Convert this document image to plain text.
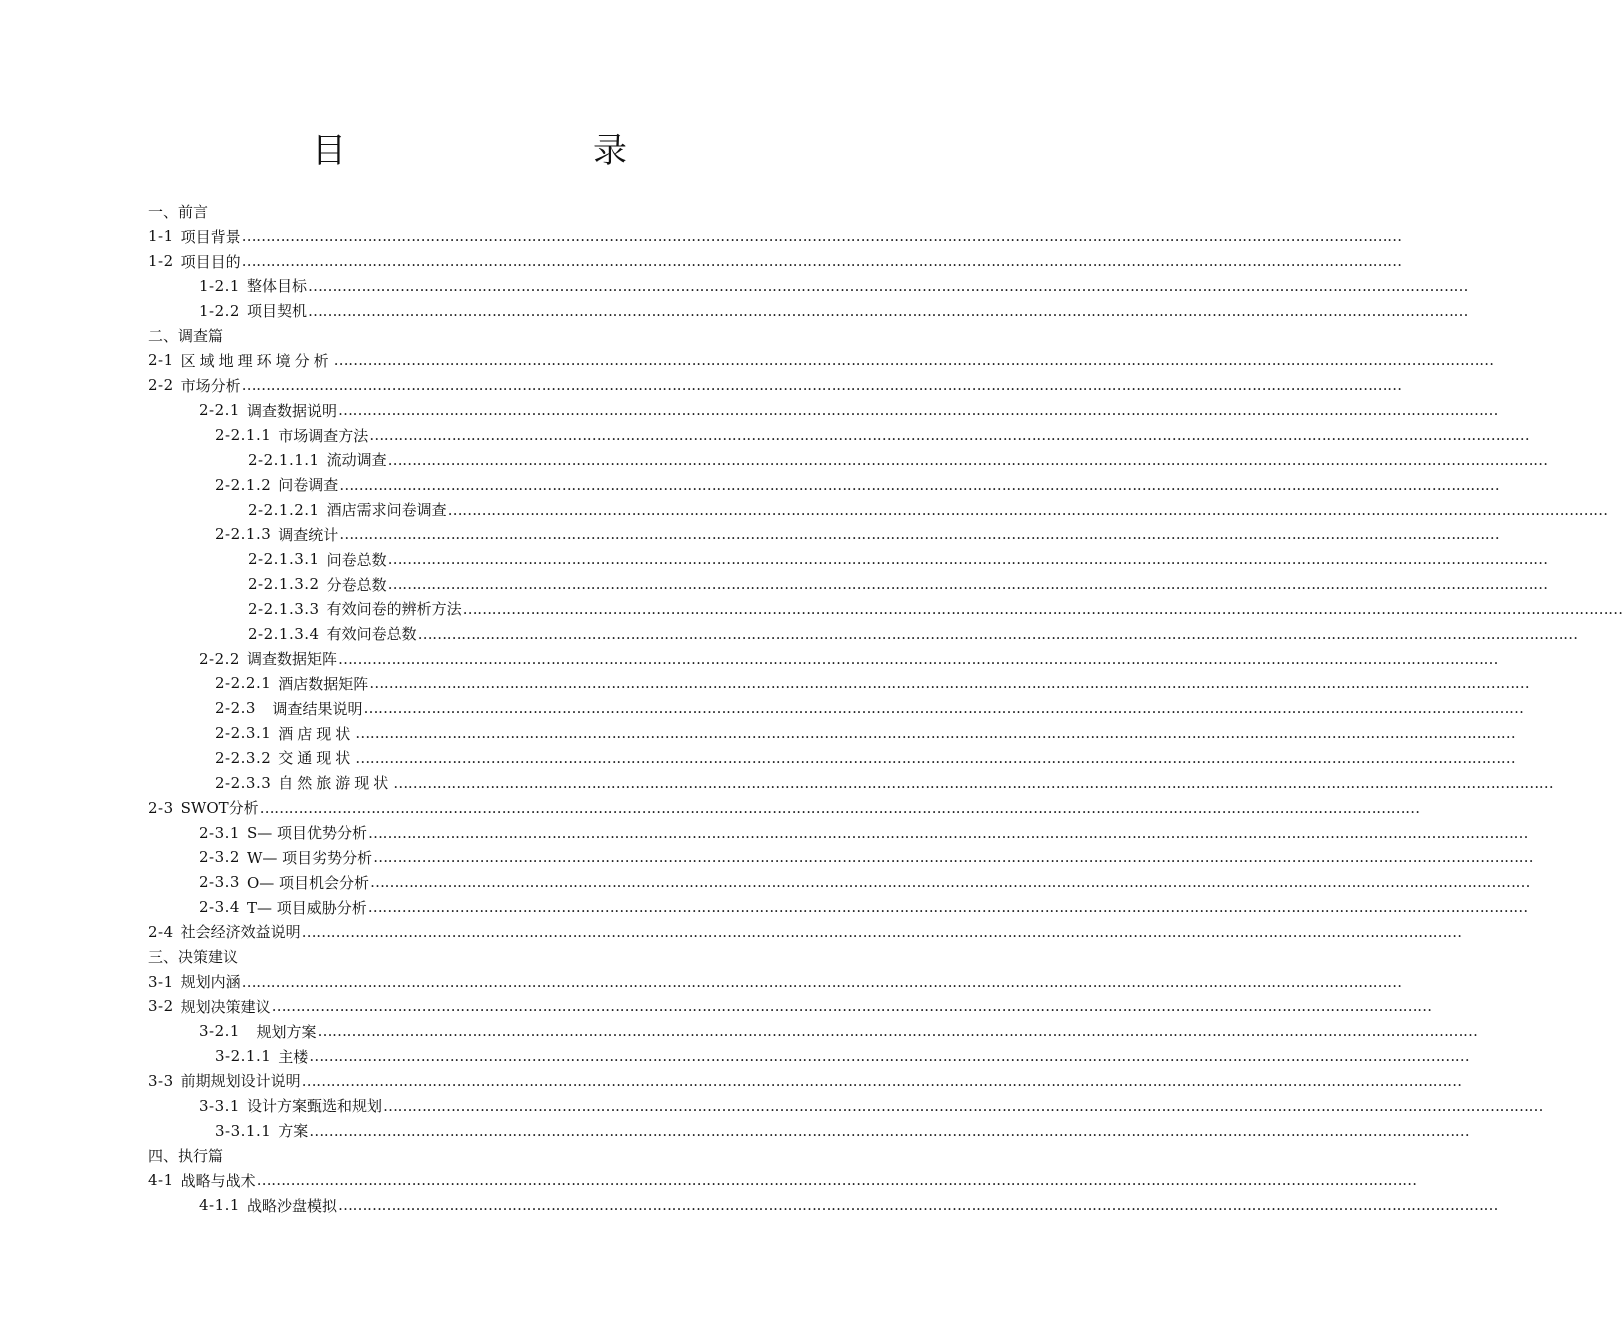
目	录
一、前言
1-1 项目背景 ……………………………………………………………………………………………………………………………………………………………………………………………………………………
1-2 项目目的 ……………………………………………………………………………………………………………………………………………………………………………………………………………………
1-2.1 整体目标 ……………………………………………………………………………………………………………………………………………………………………………………………………………………
1-2.2 项目契机 ……………………………………………………………………………………………………………………………………………………………………………………………………………………
二、调查篇
2-1 区域地理环境分析 ……………………………………………………………………………………………………………………………………………………………………………………………………………………
2-2 市场分析 ……………………………………………………………………………………………………………………………………………………………………………………………………………………
2-2.1 调查数据说明 ……………………………………………………………………………………………………………………………………………………………………………………………………………………
2-2.1.1 市场调查方法 ……………………………………………………………………………………………………………………………………………………………………………………………………………………
2-2.1.1.1 流动调查 ……………………………………………………………………………………………………………………………………………………………………………………………………………………
2-2.1.2 问卷调查 ……………………………………………………………………………………………………………………………………………………………………………………………………………………
2-2.1.2.1 酒店需求问卷调查 ……………………………………………………………………………………………………………………………………………………………………………………………………………………
2-2.1.3 调查统计 ……………………………………………………………………………………………………………………………………………………………………………………………………………………
2-2.1.3.1 问卷总数 ……………………………………………………………………………………………………………………………………………………………………………………………………………………
2-2.1.3.2 分卷总数 ……………………………………………………………………………………………………………………………………………………………………………………………………………………
2-2.1.3.3 有效问卷的辨析方法 ……………………………………………………………………………………………………………………………………………………………………………………………………………………
2-2.1.3.4 有效问卷总数 ……………………………………………………………………………………………………………………………………………………………………………………………………………………
2-2.2 调查数据矩阵 ……………………………………………………………………………………………………………………………………………………………………………………………………………………
2-2.2.1 酒店数据矩阵 ……………………………………………………………………………………………………………………………………………………………………………………………………………………
2-2.3 调查结果说明 ……………………………………………………………………………………………………………………………………………………………………………………………………………………
2-2.3.1 酒店现状 ……………………………………………………………………………………………………………………………………………………………………………………………………………………
2-2.3.2 交通现状 ……………………………………………………………………………………………………………………………………………………………………………………………………………………
2-2.3.3 自然旅游现状 ……………………………………………………………………………………………………………………………………………………………………………………………………………………
2-3 SWOT分析 ……………………………………………………………………………………………………………………………………………………………………………………………………………………
2-3.1 S— 项目优势分析 ……………………………………………………………………………………………………………………………………………………………………………………………………………………
2-3.2 W— 项目劣势分析 ……………………………………………………………………………………………………………………………………………………………………………………………………………………
2-3.3 O— 项目机会分析 ……………………………………………………………………………………………………………………………………………………………………………………………………………………
2-3.4 T— 项目威胁分析 ……………………………………………………………………………………………………………………………………………………………………………………………………………………
2-4 社会经济效益说明 ……………………………………………………………………………………………………………………………………………………………………………………………………………………
三、决策建议
3-1 规划内涵 ……………………………………………………………………………………………………………………………………………………………………………………………………………………
3-2 规划决策建议 ……………………………………………………………………………………………………………………………………………………………………………………………………………………
3-2.1 规划方案 ……………………………………………………………………………………………………………………………………………………………………………………………………………………
3-2.1.1 主楼 ……………………………………………………………………………………………………………………………………………………………………………………………………………………
3-3 前期规划设计说明 ……………………………………………………………………………………………………………………………………………………………………………………………………………………
3-3.1 设计方案甄选和规划 ……………………………………………………………………………………………………………………………………………………………………………………………………………………
3-3.1.1 方案 ……………………………………………………………………………………………………………………………………………………………………………………………………………………
四、执行篇
4-1 战略与战术 ……………………………………………………………………………………………………………………………………………………………………………………………………………………
4-1.1 战略沙盘模拟 ……………………………………………………………………………………………………………………………………………………………………………………………………………………
